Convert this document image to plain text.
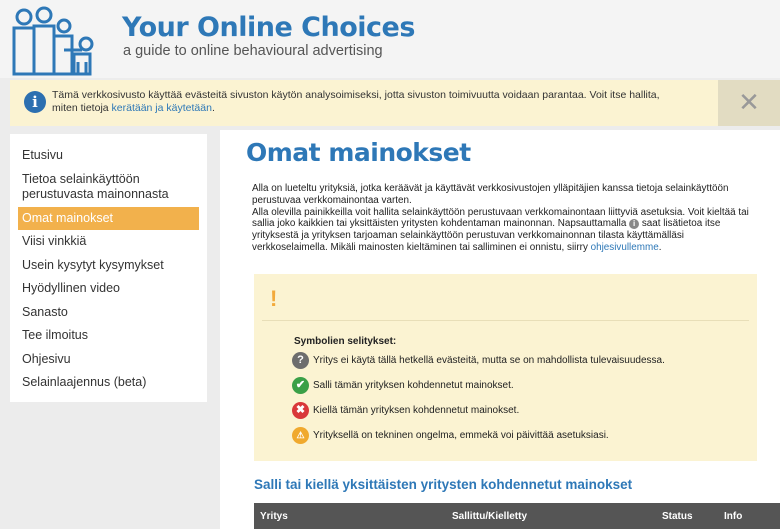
Your Online Choices
a guide to online behavioural advertising
i	Tämä verkkosivusto käyttää evästeitä sivuston käytön analysoimiseksi, jotta sivuston toimivuutta voidaan parantaa. Voit itse hallita, miten tietoja kerätään ja käytetään.	✕
Etusivu
Tietoa selainkäyttöön perustuvasta mainonnasta
Omat mainokset
Viisi vinkkiä
Usein kysytyt kysymykset
Hyödyllinen video
Sanasto
Tee ilmoitus
Ohjesivu
Selainlaajennus (beta)
Omat mainokset

Alla on lueteltu yrityksiä, jotka keräävät ja käyttävät verkkosivustojen ylläpitäjien kanssa tietoja selainkäyttöön perustuvaa verkkomainontaa varten.

Alla olevilla painikkeilla voit hallita selainkäyttöön perustuvaan verkkomainontaan liittyviä asetuksia. Voit kieltää tai sallia joko kaikkien tai yksittäisten yritysten kohdentaman mainonnan. Napsauttamalla i saat lisätietoa itse yrityksestä ja yrityksen tarjoaman selainkäyttöön perustuvan verkkomainonnan tilasta käyttämälläsi verkkoselaimella. Mikäli mainosten kieltäminen tai salliminen ei onnistu, siirry ohjesivullemme.

!
Symbolien selitykset:
? Yritys ei käytä tällä hetkellä evästeitä, mutta se on mahdollista tulevaisuudessa.
✔ Salli tämän yrityksen kohdennetut mainokset.
✖ Kiellä tämän yrityksen kohdennetut mainokset.
⚠ Yrityksellä on tekninen ongelma, emmekä voi päivittää asetuksiasi.
Salli tai kiellä yksittäisten yritysten kohdennetut mainokset
Yritys	Sallittu/Kielletty	Status	Info
